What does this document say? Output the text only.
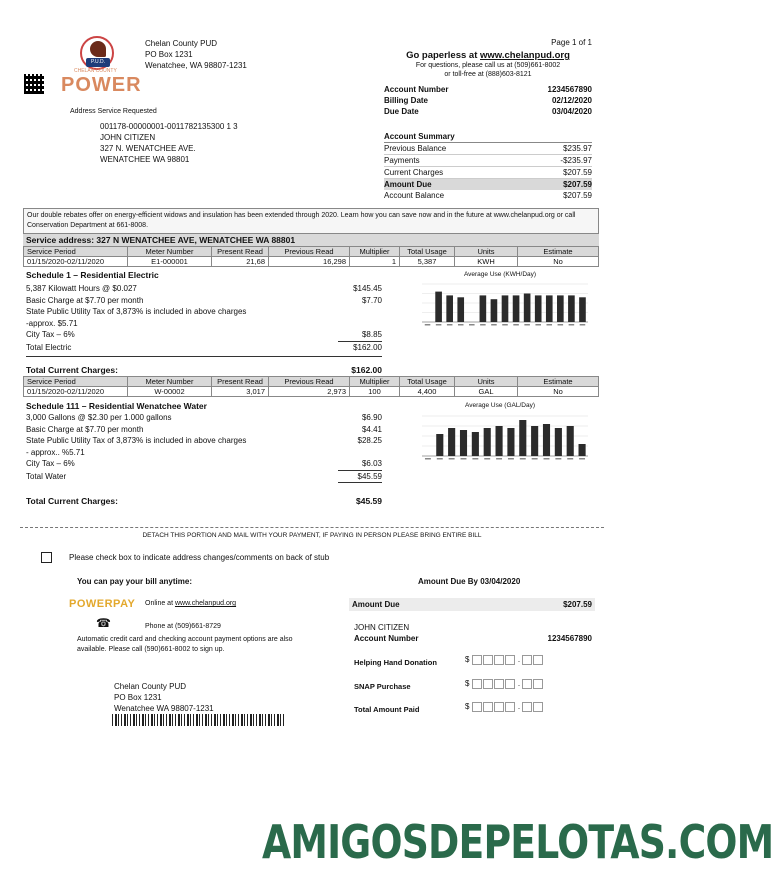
P.U.D.
CHELAN COUNTY
POWER
Chelan County PUD
PO Box 1231
Wenatchee, WA 98807-1231
Page 1 of 1
Go paperless at www.chelanpud.org
For questions, please call us at (509)661-8002
or toll-free at (888)603-8121
Account Number	1234567890
Billing Date	02/12/2020
Due Date	03/04/2020
Account Summary
Previous Balance	$235.97
Payments	-$235.97
Current Charges	$207.59
Amount Due	$207.59
Account Balance	$207.59
Address Service Requested
001178-00000001-0011782135300 1 3
JOHN CITIZEN
327 N. WENATCHEE AVE.
WENATCHEE WA 98801
Our double rebates offer on energy-efficient widows and insulation has been extended through 2020. Learn how you can save now and in the future at www.chelanpud.org or call Conservation Department at 661-8008.
Service address: 327 N WENATCHEE AVE, WENATCHEE WA 88801
Service Period	Meter Number	Present Read	Previous Read	Multiplier	Total Usage	Units	Estimate
01/15/2020-02/11/2020	E1-000001	21,68	16,298	1	5,387	KWH	No
Schedule 1 – Residential Electric
5,387 Kilowatt Hours @ $0.027	$145.45
Basic Charge at $7.70 per month	$7.70
State Public Utility Tax of 3,873% is included in above charges
-approx. $5.71
City Tax – 6%	$8.85
Total Electric	$162.00
Total Current Charges:	$162.00
Average Use (KWH/Day)
Service Period	Meter Number	Present Read	Previous Read	Multiplier	Total Usage	Units	Estimate
01/15/2020-02/11/2020	W-00002	3,017	2,973	100	4,400	GAL	No
Schedule 111 – Residential Wenatchee Water
3,000 Gallons @ $2.30 per 1.000 gallons	$6.90
Basic Charge at $7.70 per month	$4.41
State Public Utility Tax of 3,873% is included in above charges	$28.25
- approx.. %5.71
City Tax – 6%	$6.03
Total Water	$45.59
Total Current Charges:	$45.59
Average Use (GAL/Day)
DETACH THIS PORTION AND MAIL WITH YOUR PAYMENT, IF PAYING IN PERSON PLEASE BRING ENTIRE BILL
Please check box to indicate address changes/comments on back of stub
You can pay your bill anytime:	Amount Due By 03/04/2020
POWERPAY Online at www.chelanpud.org
☎	Phone at (509)661-8729
Automatic credit card and checking account payment options are also available. Please call (590)661-8002 to sign up.
Amount Due	$207.59
JOHN CITIZEN
Account Number	1234567890
Helping Hand Donation	$	.
SNAP Purchase	$	.
Total Amount Paid	$	.
Chelan County PUD
PO Box 1231
Wenatchee WA 98807-1231
AMIGOSDEPELOTAS.COM
